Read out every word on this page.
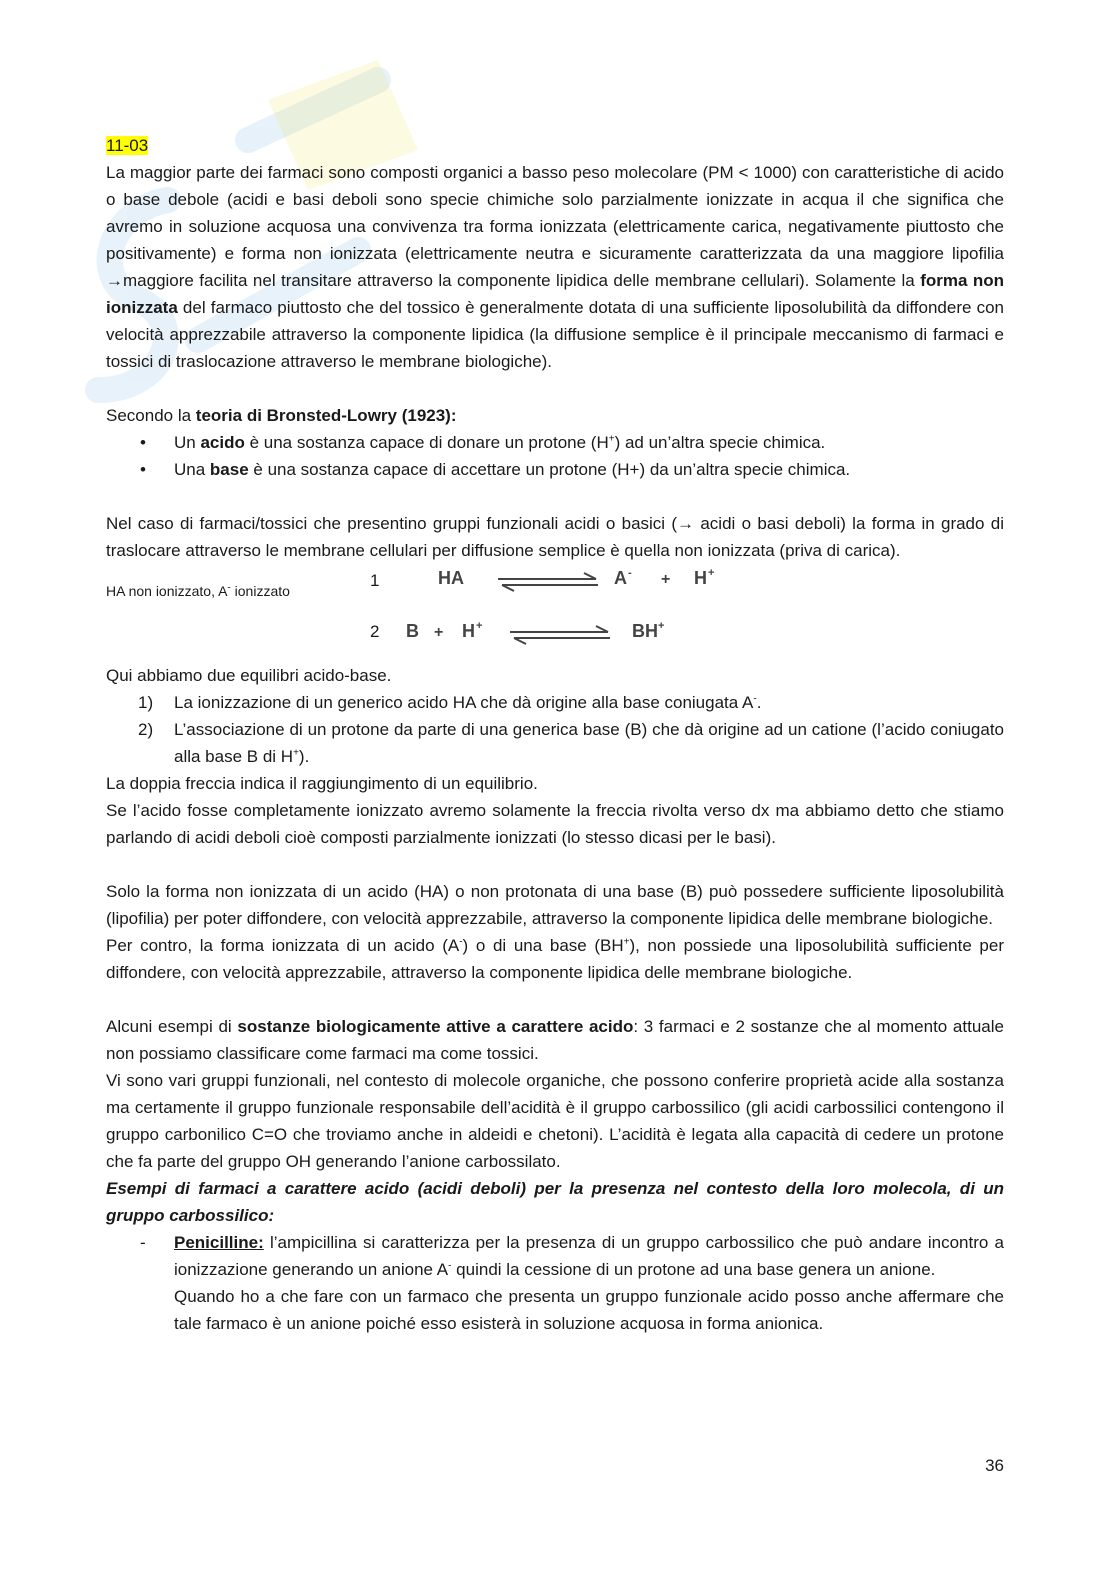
11-03

La maggior parte dei farmaci sono composti organici a basso peso molecolare (PM < 1000) con caratteristiche di acido o base debole (acidi e basi deboli sono specie chimiche solo parzialmente ionizzate in acqua il che significa che avremo in soluzione acquosa una convivenza tra forma ionizzata (elettricamente carica, negativamente piuttosto che positivamente) e forma non ionizzata (elettricamente neutra e sicuramente caratterizzata da una maggiore lipofilia →maggiore facilita nel transitare attraverso la componente lipidica delle membrane cellulari). Solamente la forma non ionizzata del farmaco piuttosto che del tossico è generalmente dotata di una sufficiente liposolubilità da diffondere con velocità apprezzabile attraverso la componente lipidica (la diffusione semplice è il principale meccanismo di farmaci e tossici di traslocazione attraverso le membrane biologiche).

Secondo la teoria di Bronsted-Lowry (1923):

• Un acido è una sostanza capace di donare un protone (H+) ad un’altra specie chimica.
• Una base è una sostanza capace di accettare un protone (H+) da un’altra specie chimica.

Nel caso di farmaci/tossici che presentino gruppi funzionali acidi o basici (→ acidi o basi deboli) la forma in grado di traslocare attraverso le membrane cellulari per diffusione semplice è quella non ionizzata (priva di carica).

HA non ionizzato, A- ionizzato
1	HA	A - + H +
2 B + H +	BH +

Qui abbiamo due equilibri acido-base.

1) La ionizzazione di un generico acido HA che dà origine alla base coniugata A-.
2) L’associazione di un protone da parte di una generica base (B) che dà origine ad un catione (l’acido coniugato alla base B di H+).

La doppia freccia indica il raggiungimento di un equilibrio.

Se l’acido fosse completamente ionizzato avremo solamente la freccia rivolta verso dx ma abbiamo detto che stiamo parlando di acidi deboli cioè composti parzialmente ionizzati (lo stesso dicasi per le basi).

Solo la forma non ionizzata di un acido (HA) o non protonata di una base (B) può possedere sufficiente liposolubilità (lipofilia) per poter diffondere, con velocità apprezzabile, attraverso la componente lipidica delle membrane biologiche.

Per contro, la forma ionizzata di un acido (A-) o di una base (BH+), non possiede una liposolubilità sufficiente per diffondere, con velocità apprezzabile, attraverso la componente lipidica delle membrane biologiche.

Alcuni esempi di sostanze biologicamente attive a carattere acido: 3 farmaci e 2 sostanze che al momento attuale non possiamo classificare come farmaci ma come tossici.

Vi sono vari gruppi funzionali, nel contesto di molecole organiche, che possono conferire proprietà acide alla sostanza ma certamente il gruppo funzionale responsabile dell’acidità è il gruppo carbossilico (gli acidi carbossilici contengono il gruppo carbonilico C=O che troviamo anche in aldeidi e chetoni). L’acidità è legata alla capacità di cedere un protone che fa parte del gruppo OH generando l’anione carbossilato.

Esempi di farmaci a carattere acido (acidi deboli) per la presenza nel contesto della loro molecola, di un gruppo carbossilico:

- Penicilline: l’ampicillina si caratterizza per la presenza di un gruppo carbossilico che può andare incontro a ionizzazione generando un anione A- quindi la cessione di un protone ad una base genera un anione.

Quando ho a che fare con un farmaco che presenta un gruppo funzionale acido posso anche affermare che tale farmaco è un anione poiché esso esisterà in soluzione acquosa in forma anionica.

36
